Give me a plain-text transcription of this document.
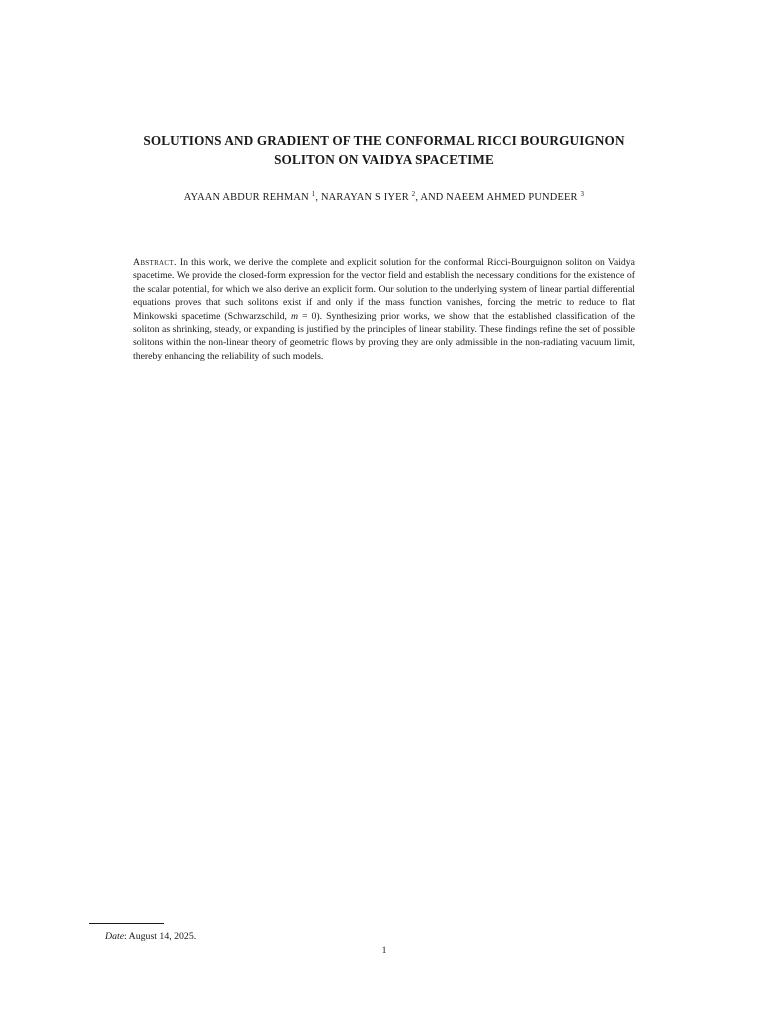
SOLUTIONS AND GRADIENT OF THE CONFORMAL RICCI BOURGUIGNON
SOLITON ON VAIDYA SPACETIME
AYAAN ABDUR REHMAN $^1$, NARAYAN S IYER $^2$, AND NAEEM AHMED PUNDEER $^3$
Abstract. In this work, we derive the complete and explicit solution for the conformal Ricci-Bourguignon soliton on Vaidya spacetime. We provide the closed-form expression for the vector field and establish the necessary conditions for the existence of the scalar potential, for which we also derive an explicit form. Our solution to the underlying system of linear partial differential equations proves that such solitons exist if and only if the mass function vanishes, forcing the metric to reduce to flat Minkowski spacetime (Schwarzschild, m = 0). Synthesizing prior works, we show that the established classification of the soliton as shrinking, steady, or expanding is justified by the principles of linear stability. These findings refine the set of possible solitons within the non-linear theory of geometric flows by proving they are only admissible in the non-radiating vacuum limit, thereby enhancing the reliability of such models.
Date: August 14, 2025.
1
